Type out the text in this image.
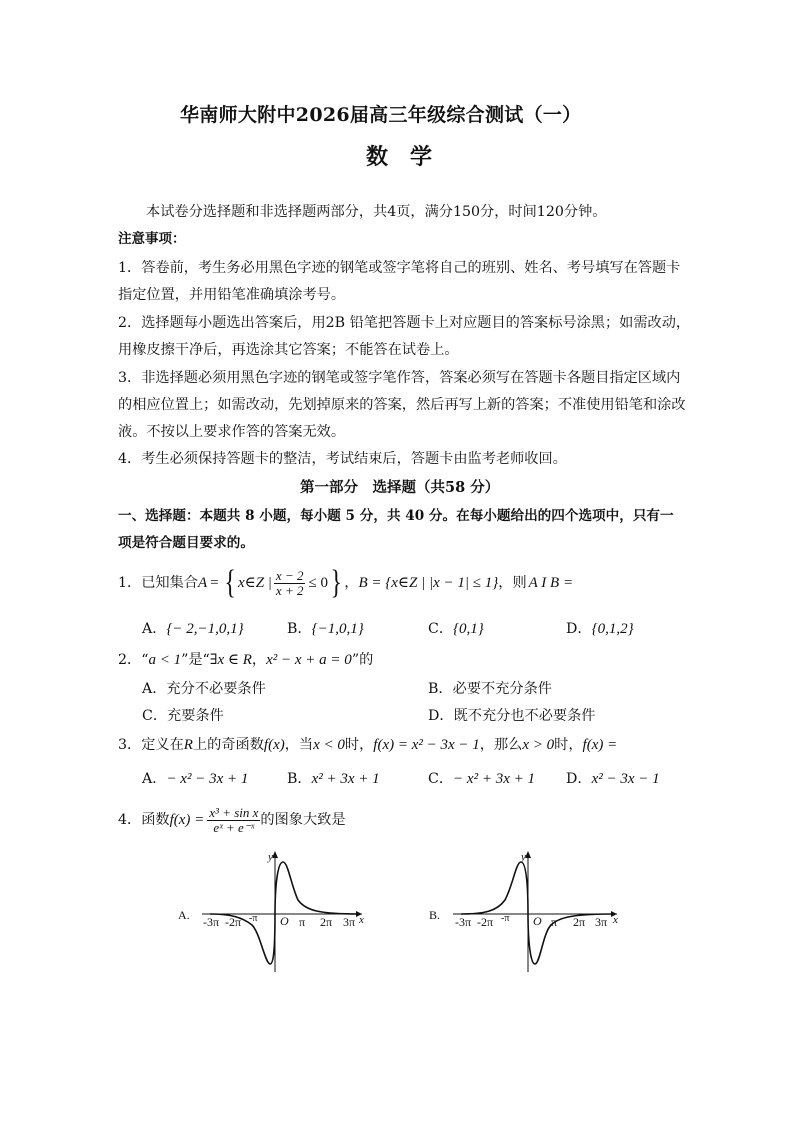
华南师大附中2026届高三年级综合测试（一）
数　学
本试卷分选择题和非选择题两部分，共4页，满分150分，时间120分钟。
注意事项：
1．答卷前，考生务必用黑色字迹的钢笔或签字笔将自己的班别、姓名、考号填写在答题卡
指定位置，并用铅笔准确填涂考号。
2．选择题每小题选出答案后，用2B 铅笔把答题卡上对应题目的答案标号涂黑；如需改动，
用橡皮擦干净后，再选涂其它答案；不能答在试卷上。
3．非选择题必须用黑色字迹的钢笔或签字笔作答，答案必须写在答题卡各题目指定区域内
的相应位置上；如需改动，先划掉原来的答案，然后再写上新的答案；不准使用铅笔和涂改
液。不按以上要求作答的答案无效。
4．考生必须保持答题卡的整洁，考试结束后，答题卡由监考老师收回。
第一部分　选择题（共58 分）
一、选择题：本题共 8 小题，每小题 5 分，共 40 分。在每小题给出的四个选项中，只有一
项是符合题目要求的。
1．已知集合 A = { x∈Z | $\frac{x - 2}{x + 2} \le 0$ } ， B = {x∈Z | |x − 1| ≤ 1} ，则 A I B =
A．{− 2,−1,0,1}	B．{−1,0,1}	C．{0,1}	D．{0,1,2}
2．“a < 1”是“∃x ∈ R，x² − x + a = 0”的
A．充分不必要条件	B．必要不充分条件
C．充要条件	D．既不充分也不必要条件
3．定义在R上的奇函数f(x)，当x < 0时，f(x) = x² − 3x − 1，那么x > 0时，f(x) =
A．− x² − 3x + 1	B．x² + 3x + 1	C．− x² + 3x + 1 D．x² − 3x − 1
4．函数 $f(x) = \frac{\text{x³ + sin x}}{\text{eˣ + e⁻ˣ}}$ 的图象大致是
A.
y
x
O
-3π -2π -π	π 2π 3π	B.
y
x
O
-3π -2π -π	π 2π 3π
